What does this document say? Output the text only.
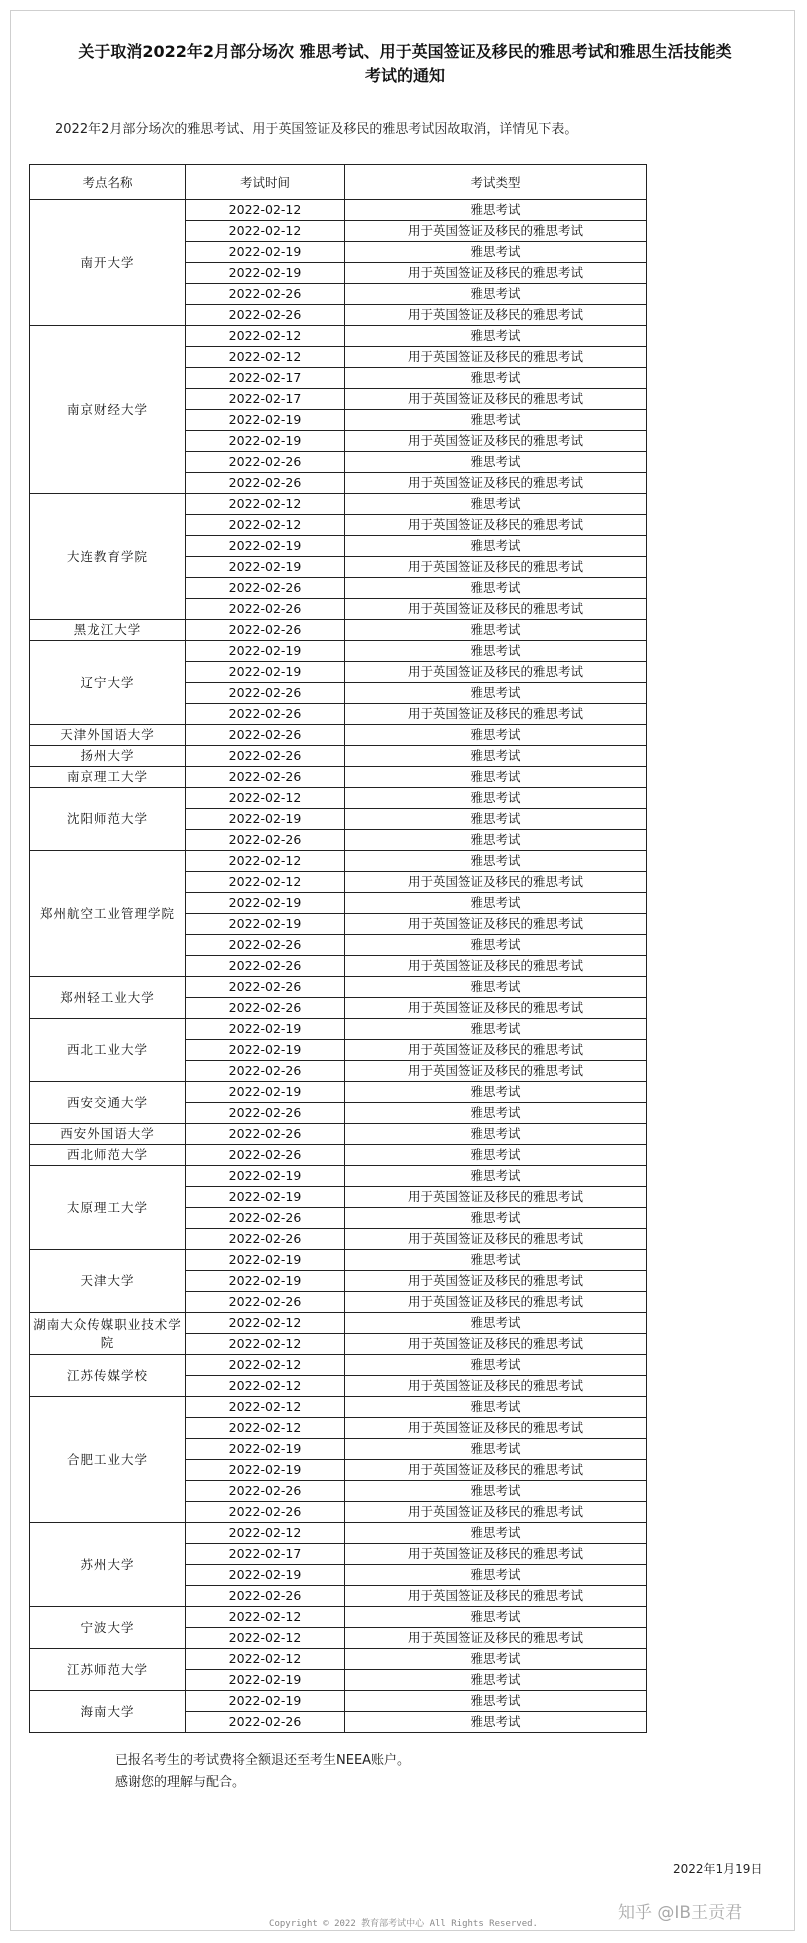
关于取消2022年2月部分场次 雅思考试、用于英国签证及移民的雅思考试和雅思生活技能类
考试的通知
2022年2月部分场次的雅思考试、用于英国签证及移民的雅思考试因故取消，详情见下表。
考点名称	考试时间	考试类型
南开大学	2022-02-12	雅思考试
	2022-02-12	用于英国签证及移民的雅思考试
	2022-02-19	雅思考试
	2022-02-19	用于英国签证及移民的雅思考试
	2022-02-26	雅思考试
	2022-02-26	用于英国签证及移民的雅思考试
南京财经大学	2022-02-12	雅思考试
	2022-02-12	用于英国签证及移民的雅思考试
	2022-02-17	雅思考试
	2022-02-17	用于英国签证及移民的雅思考试
	2022-02-19	雅思考试
	2022-02-19	用于英国签证及移民的雅思考试
	2022-02-26	雅思考试
	2022-02-26	用于英国签证及移民的雅思考试
大连教育学院	2022-02-12	雅思考试
	2022-02-12	用于英国签证及移民的雅思考试
	2022-02-19	雅思考试
	2022-02-19	用于英国签证及移民的雅思考试
	2022-02-26	雅思考试
	2022-02-26	用于英国签证及移民的雅思考试
黑龙江大学	2022-02-26	雅思考试
辽宁大学	2022-02-19	雅思考试
	2022-02-19	用于英国签证及移民的雅思考试
	2022-02-26	雅思考试
	2022-02-26	用于英国签证及移民的雅思考试
天津外国语大学	2022-02-26	雅思考试
扬州大学	2022-02-26	雅思考试
南京理工大学	2022-02-26	雅思考试
沈阳师范大学	2022-02-12	雅思考试
	2022-02-19	雅思考试
	2022-02-26	雅思考试
郑州航空工业管理学院	2022-02-12	雅思考试
	2022-02-12	用于英国签证及移民的雅思考试
	2022-02-19	雅思考试
	2022-02-19	用于英国签证及移民的雅思考试
	2022-02-26	雅思考试
	2022-02-26	用于英国签证及移民的雅思考试
郑州轻工业大学	2022-02-26	雅思考试
	2022-02-26	用于英国签证及移民的雅思考试
西北工业大学	2022-02-19	雅思考试
	2022-02-19	用于英国签证及移民的雅思考试
	2022-02-26	用于英国签证及移民的雅思考试
西安交通大学	2022-02-19	雅思考试
	2022-02-26	雅思考试
西安外国语大学	2022-02-26	雅思考试
西北师范大学	2022-02-26	雅思考试
太原理工大学	2022-02-19	雅思考试
	2022-02-19	用于英国签证及移民的雅思考试
	2022-02-26	雅思考试
	2022-02-26	用于英国签证及移民的雅思考试
天津大学	2022-02-19	雅思考试
	2022-02-19	用于英国签证及移民的雅思考试
	2022-02-26	用于英国签证及移民的雅思考试
湖南大众传媒职业技术学院	2022-02-12	雅思考试
	2022-02-12	用于英国签证及移民的雅思考试
江苏传媒学校	2022-02-12	雅思考试
	2022-02-12	用于英国签证及移民的雅思考试
合肥工业大学	2022-02-12	雅思考试
	2022-02-12	用于英国签证及移民的雅思考试
	2022-02-19	雅思考试
	2022-02-19	用于英国签证及移民的雅思考试
	2022-02-26	雅思考试
	2022-02-26	用于英国签证及移民的雅思考试
苏州大学	2022-02-12	雅思考试
	2022-02-17	用于英国签证及移民的雅思考试
	2022-02-19	雅思考试
	2022-02-26	用于英国签证及移民的雅思考试
宁波大学	2022-02-12	雅思考试
	2022-02-12	用于英国签证及移民的雅思考试
江苏师范大学	2022-02-12	雅思考试
	2022-02-19	雅思考试
海南大学	2022-02-19	雅思考试
	2022-02-26	雅思考试
已报名考生的考试费将全额退还至考生NEEA账户。
感谢您的理解与配合。
2022年1月19日
知乎 @IB王贡君
Copyright © 2022 教育部考试中心 All Rights Reserved.
